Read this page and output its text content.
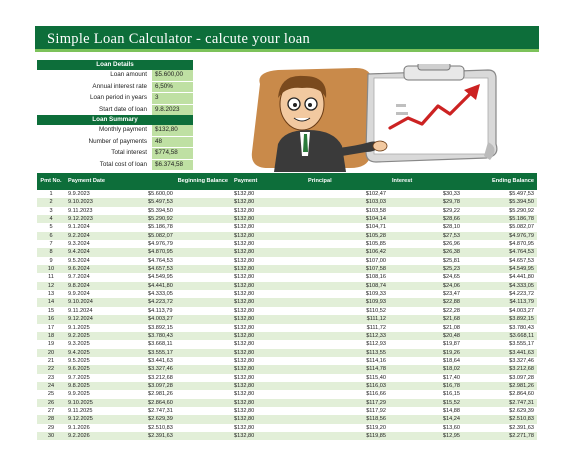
Simple Loan Calculator - calcute your loan
Loan Details
Loan amount	$5.600,00
Annual interest rate	6,50%
Loan period in years	3
Start date of loan	9.8.2023
Loan Summary
Monthly payment	$132,80
Number of payments	48
Total interest	$774,58
Total cost of loan	$6.374,58
Pmt No.	Payment Date	Beginning Balance	Payment	Principal	Interest	Ending Balance
1	9.9.2023	$5.600,00	$132,80	$102,47	$30,33	$5.497,53
2	9.10.2023	$5.497,53	$132,80	$103,03	$29,78	$5.394,50
3	9.11.2023	$5.394,50	$132,80	$103,58	$29,22	$5.290,92
4	9.12.2023	$5.290,92	$132,80	$104,14	$28,66	$5.186,78
5	9.1.2024	$5.186,78	$132,80	$104,71	$28,10	$5.082,07
6	9.2.2024	$5.082,07	$132,80	$105,28	$27,53	$4.976,79
7	9.3.2024	$4.976,79	$132,80	$105,85	$26,96	$4.870,95
8	9.4.2024	$4.870,95	$132,80	$106,42	$26,38	$4.764,53
9	9.5.2024	$4.764,53	$132,80	$107,00	$25,81	$4.657,53
10	9.6.2024	$4.657,53	$132,80	$107,58	$25,23	$4.549,95
11	9.7.2024	$4.549,95	$132,80	$108,16	$24,65	$4.441,80
12	9.8.2024	$4.441,80	$132,80	$108,74	$24,06	$4.333,05
13	9.9.2024	$4.333,05	$132,80	$109,33	$23,47	$4.223,72
14	9.10.2024	$4.223,72	$132,80	$109,93	$22,88	$4.113,79
15	9.11.2024	$4.113,79	$132,80	$110,52	$22,28	$4.003,27
16	9.12.2024	$4.003,27	$132,80	$111,12	$21,68	$3.892,15
17	9.1.2025	$3.892,15	$132,80	$111,72	$21,08	$3.780,43
18	9.2.2025	$3.780,43	$132,80	$112,33	$20,48	$3.668,11
19	9.3.2025	$3.668,11	$132,80	$112,93	$19,87	$3.555,17
20	9.4.2025	$3.555,17	$132,80	$113,55	$19,26	$3.441,63
21	9.5.2025	$3.441,63	$132,80	$114,16	$18,64	$3.327,46
22	9.6.2025	$3.327,46	$132,80	$114,78	$18,02	$3.212,68
23	9.7.2025	$3.212,68	$132,80	$115,40	$17,40	$3.097,28
24	9.8.2025	$3.097,28	$132,80	$116,03	$16,78	$2.981,26
25	9.9.2025	$2.981,26	$132,80	$116,66	$16,15	$2.864,60
26	9.10.2025	$2.864,60	$132,80	$117,29	$15,52	$2.747,31
27	9.11.2025	$2.747,31	$132,80	$117,92	$14,88	$2.629,39
28	9.12.2025	$2.629,39	$132,80	$118,56	$14,24	$2.510,83
29	9.1.2026	$2.510,83	$132,80	$119,20	$13,60	$2.391,63
30	9.2.2026	$2.391,63	$132,80	$119,85	$12,95	$2.271,78
